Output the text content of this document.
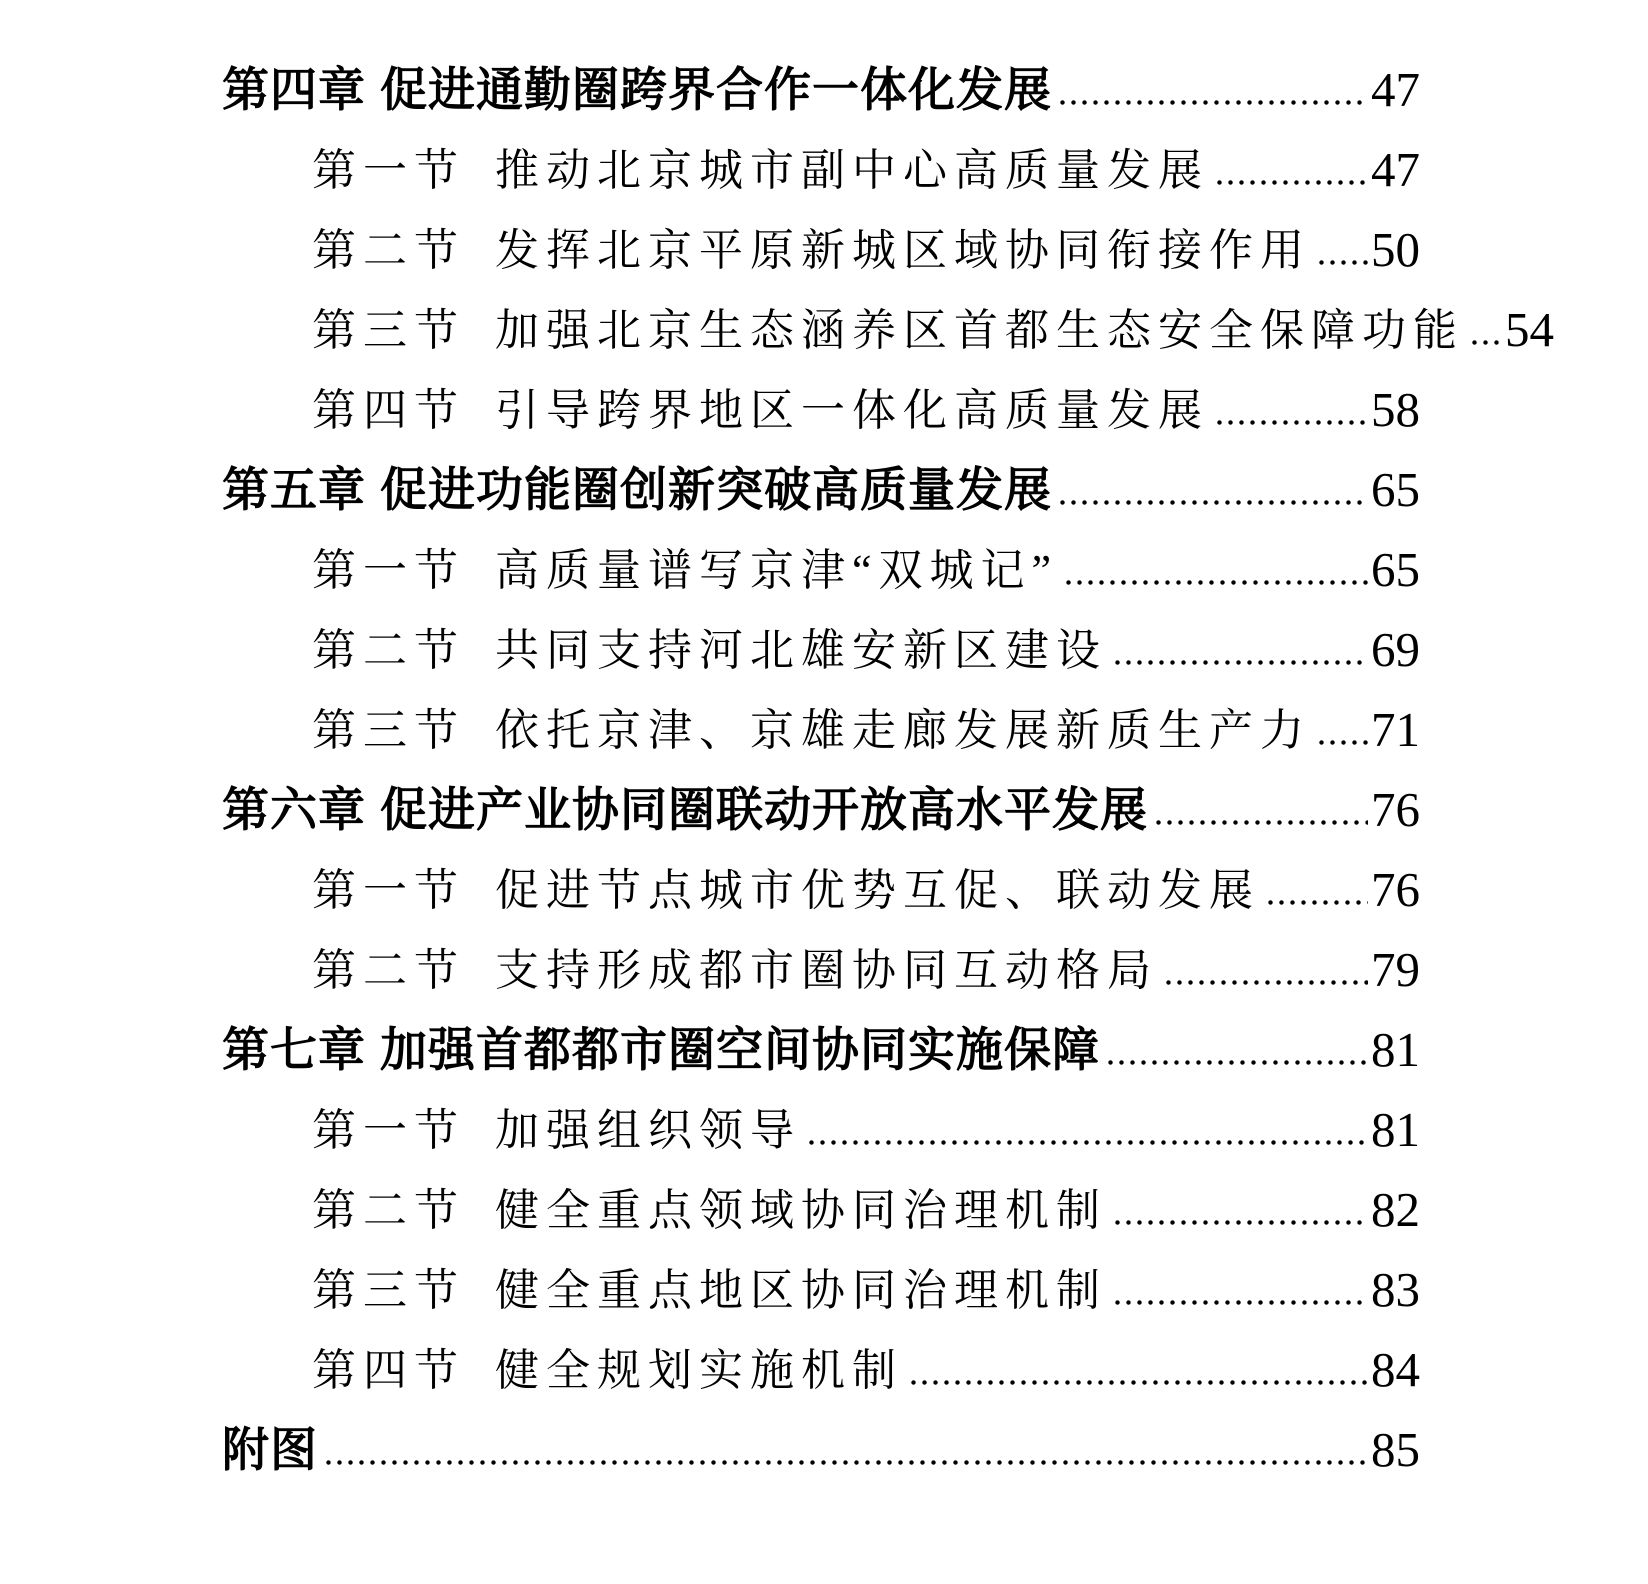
第四章 促进通勤圈跨界合作一体化发展	47
第一节 推动北京城市副中心高质量发展	47
第二节 发挥北京平原新城区域协同衔接作用 50
第三节 加强北京生态涵养区首都生态安全保障功能 54
第四节 引导跨界地区一体化高质量发展	58
第五章 促进功能圈创新突破高质量发展	65
第一节 高质量谱写京津“双城记”	65
第二节 共同支持河北雄安新区建设	69
第三节 依托京津、京雄走廊发展新质生产力 71
第六章 促进产业协同圈联动开放高水平发展	76
第一节 促进节点城市优势互促、联动发展 76
第二节 支持形成都市圈协同互动格局	79
第七章 加强首都都市圈空间协同实施保障	81
第一节 加强组织领导	81
第二节 健全重点领域协同治理机制	82
第三节 健全重点地区协同治理机制	83
第四节 健全规划实施机制	84
附图	85
